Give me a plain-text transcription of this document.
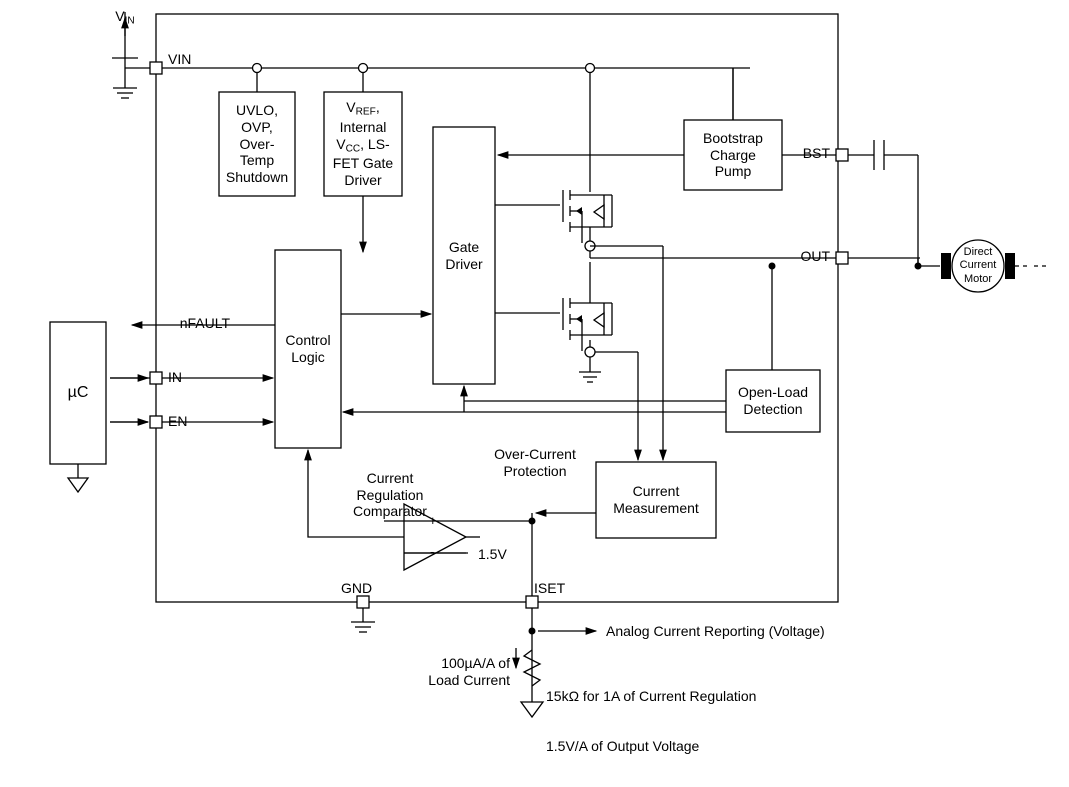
$V_{IN}$
VIN
UVLO,
OVP,
Over-
Temp
Shutdown
$V_{REF}$,
Internal
$V_{CC}$, LS-
FET Gate
Driver
Bootstrap
Charge
Pump
Gate
Driver
Control
Logic
Open-Load
Detection
Current
Measurement
µC
Direct
Current
Motor
nFAULT
IN
EN
GND	ISET
BST
OUT
Over-Current
Protection
Current
Regulation
Comparator
+
-	1.5V
Analog Current Reporting (Voltage)
100µA/A of
Load Current

15kΩ for 1A of Current Regulation

1.5V/A of Output Voltage
